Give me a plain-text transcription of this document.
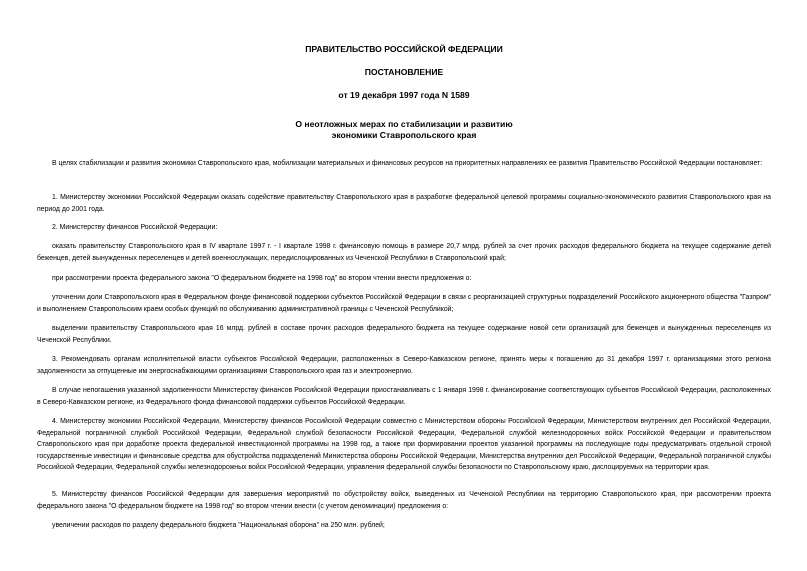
ПРАВИТЕЛЬСТВО РОССИЙСКОЙ ФЕДЕРАЦИИ

ПОСТАНОВЛЕНИЕ

от 19 декабря 1997 года N 1589

О неотложных мерах по стабилизации и развитию

экономики Ставропольского края

В целях стабилизации и развития экономики Ставропольского края, мобилизации материальных и финансовых ресурсов на приоритетных направлениях ее развития Правительство Российской Федерации постановляет:

1. Министерству экономики Российской Федерации оказать содействие правительству Ставропольского края в разработке федеральной целевой программы социально-экономического развития Ставропольского края на период до 2001 года.

2. Министерству финансов Российской Федерации:

оказать правительству Ставропольского края в IV квартале 1997 г. - I квартале 1998 г. финансовую помощь в размере 20,7 млрд. рублей за счет прочих расходов федерального бюджета на текущее содержание детей беженцев, детей вынужденных переселенцев и детей военнослужащих, передислоцированных из Чеченской Республики в Ставропольский край;

при рассмотрении проекта федерального закона "О федеральном бюджете на 1998 год" во втором чтении внести предложения о:

уточнении доли Ставропольского края в Федеральном фонде финансовой поддержки субъектов Российской Федерации в связи с реорганизацией структурных подразделений Российского акционерного общества "Газпром" и выполнением Ставропольским краем особых функций по обслуживанию административной границы с Чеченской Республикой;

выделении правительству Ставропольского края 16 млрд. рублей в составе прочих расходов федерального бюджета на текущее содержание новой сети организаций для беженцев и вынужденных переселенцев из Чеченской Республики.

3. Рекомендовать органам исполнительной власти субъектов Российской Федерации, расположенных в Северо-Кавказском регионе, принять меры к погашению до 31 декабря 1997 г. организациями этого региона задолженности за отпущенные им энергоснабжающими организациями Ставропольского края газ и электроэнергию.

В случае непогашения указанной задолженности Министерству финансов Российской Федерации приостанавливать с 1 января 1998 г. финансирование соответствующих субъектов Российской Федерации, расположенных в Северо-Кавказском регионе, из Федерального фонда финансовой поддержки субъектов Российской Федерации.

4. Министерству экономики Российской Федерации, Министерству финансов Российской Федерации совместно с Министерством обороны Российской Федерации, Министерством внутренних дел Российской Федерации, Федеральной пограничной службой Российской Федерации, Федеральной службой безопасности Российской Федерации, Федеральной службой железнодорожных войск Российской Федерации и правительством Ставропольского края при доработке проекта федеральной инвестиционной программы на 1998 год, а также при формировании проектов указанной программы на последующие годы предусматривать отдельной строкой государственные инвестиции и финансовые средства для обустройства подразделений Министерства обороны Российской Федерации, Министерства внутренних дел Российской Федерации, Федеральной пограничной службы Российской Федерации, Федеральной службы железнодорожных войск Российской Федерации, управления федеральной службы безопасности по Ставропольскому краю, дислоцируемых на территории края.

5. Министерству финансов Российской Федерации для завершения мероприятий по обустройству войск, выведенных из Чеченской Республики на территорию Ставропольского края, при рассмотрении проекта федерального закона "О федеральном бюджете на 1998 год" во втором чтении внести (с учетом деноминации) предложения о:

увеличении расходов по разделу федерального бюджета "Национальная оборона" на 250 млн. рублей;
